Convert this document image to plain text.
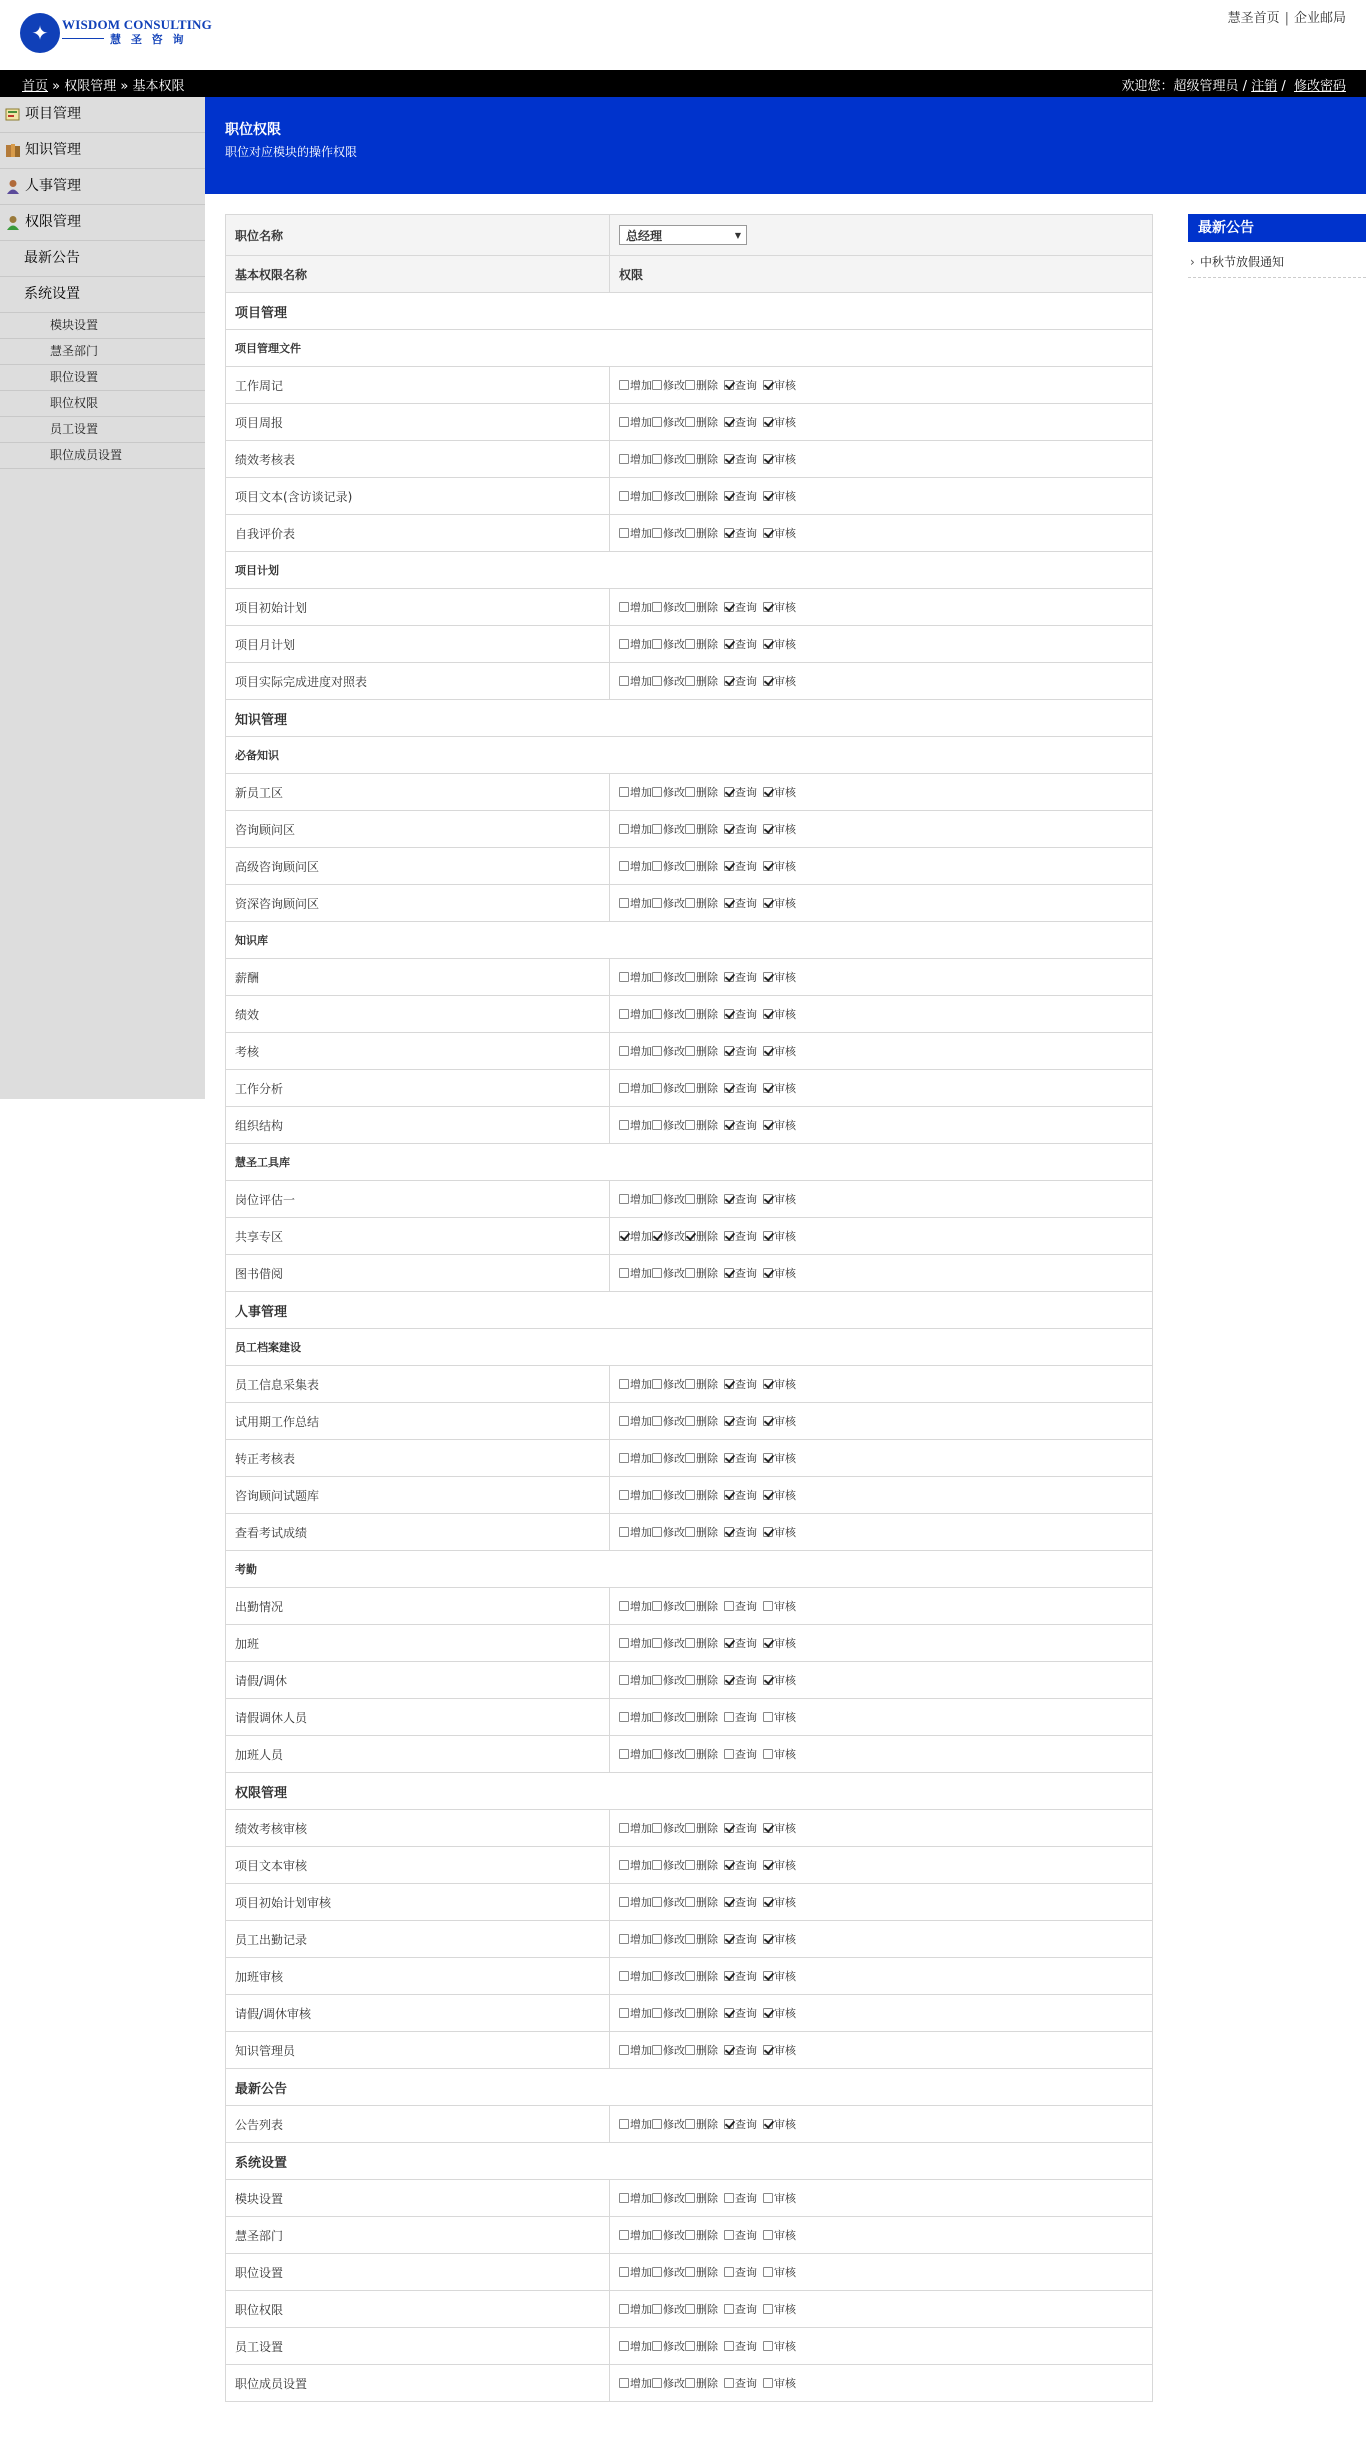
✦	WISDOM CONSULTING
慧 圣 咨 询
慧圣首页 | 企业邮局
首页 » 权限管理 » 基本权限	欢迎您：超级管理员 / 注销 /  修改密码
项目管理
知识管理
人事管理
权限管理
最新公告
系统设置
模块设置
慧圣部门
职位设置
职位权限
员工设置
职位成员设置
职位权限
职位对应模块的操作权限
最新公告
› 中秋节放假通知
职位名称	总经理 ▼

基本权限名称	权限
项目管理	
项目管理文件	
工作周记	增加 修改 删除 查询 审核
项目周报	增加 修改 删除 查询 审核
绩效考核表	增加 修改 删除 查询 审核
项目文本(含访谈记录)	增加 修改 删除 查询 审核
自我评价表	增加 修改 删除 查询 审核
项目计划	
项目初始计划	增加 修改 删除 查询 审核
项目月计划	增加 修改 删除 查询 审核
项目实际完成进度对照表	增加 修改 删除 查询 审核
知识管理	
必备知识	
新员工区	增加 修改 删除 查询 审核
咨询顾问区	增加 修改 删除 查询 审核
高级咨询顾问区	增加 修改 删除 查询 审核
资深咨询顾问区	增加 修改 删除 查询 审核
知识库	
薪酬	增加 修改 删除 查询 审核
绩效	增加 修改 删除 查询 审核
考核	增加 修改 删除 查询 审核
工作分析	增加 修改 删除 查询 审核
组织结构	增加 修改 删除 查询 审核
慧圣工具库	
岗位评估一	增加 修改 删除 查询 审核
共享专区	增加 修改 删除 查询 审核
图书借阅	增加 修改 删除 查询 审核
人事管理	
员工档案建设	
员工信息采集表	增加 修改 删除 查询 审核
试用期工作总结	增加 修改 删除 查询 审核
转正考核表	增加 修改 删除 查询 审核
咨询顾问试题库	增加 修改 删除 查询 审核
查看考试成绩	增加 修改 删除 查询 审核
考勤	
出勤情况	增加 修改 删除 查询 审核
加班	增加 修改 删除 查询 审核
请假/调休	增加 修改 删除 查询 审核
请假调休人员	增加 修改 删除 查询 审核
加班人员	增加 修改 删除 查询 审核
权限管理	
绩效考核审核	增加 修改 删除 查询 审核
项目文本审核	增加 修改 删除 查询 审核
项目初始计划审核	增加 修改 删除 查询 审核
员工出勤记录	增加 修改 删除 查询 审核
加班审核	增加 修改 删除 查询 审核
请假/调休审核	增加 修改 删除 查询 审核
知识管理员	增加 修改 删除 查询 审核
最新公告	
公告列表	增加 修改 删除 查询 审核
系统设置	
模块设置	增加 修改 删除 查询 审核
慧圣部门	增加 修改 删除 查询 审核
职位设置	增加 修改 删除 查询 审核
职位权限	增加 修改 删除 查询 审核
员工设置	增加 修改 删除 查询 审核
职位成员设置	增加 修改 删除 查询 审核
